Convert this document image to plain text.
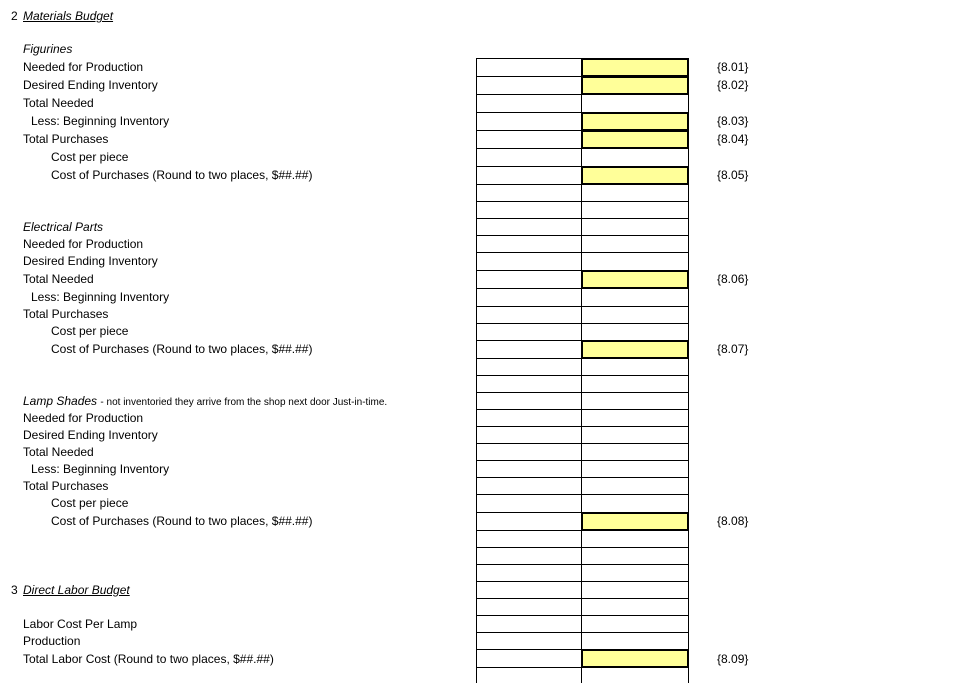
2 Materials Budget
Figurines
Needed for Production
Desired Ending Inventory
Total Needed
Less: Beginning Inventory
Total Purchases
Cost per piece
Cost of Purchases (Round to two places, $##.##)
Electrical Parts
Needed for Production
Desired Ending Inventory
Total Needed
Less: Beginning Inventory
Total Purchases
Cost per piece
Cost of Purchases (Round to two places, $##.##)
Lamp Shades - not inventoried they arrive from the shop next door Just-in-time.
Needed for Production
Desired Ending Inventory
Total Needed
Less: Beginning Inventory
Total Purchases
Cost per piece
Cost of Purchases (Round to two places, $##.##)
3 Direct Labor Budget
Labor Cost Per Lamp
Production
Total Labor Cost (Round to two places, $##.##)
{8.01}
{8.02}
{8.03}
{8.04}
{8.05}
{8.06}
{8.07}
{8.08}
{8.09}
